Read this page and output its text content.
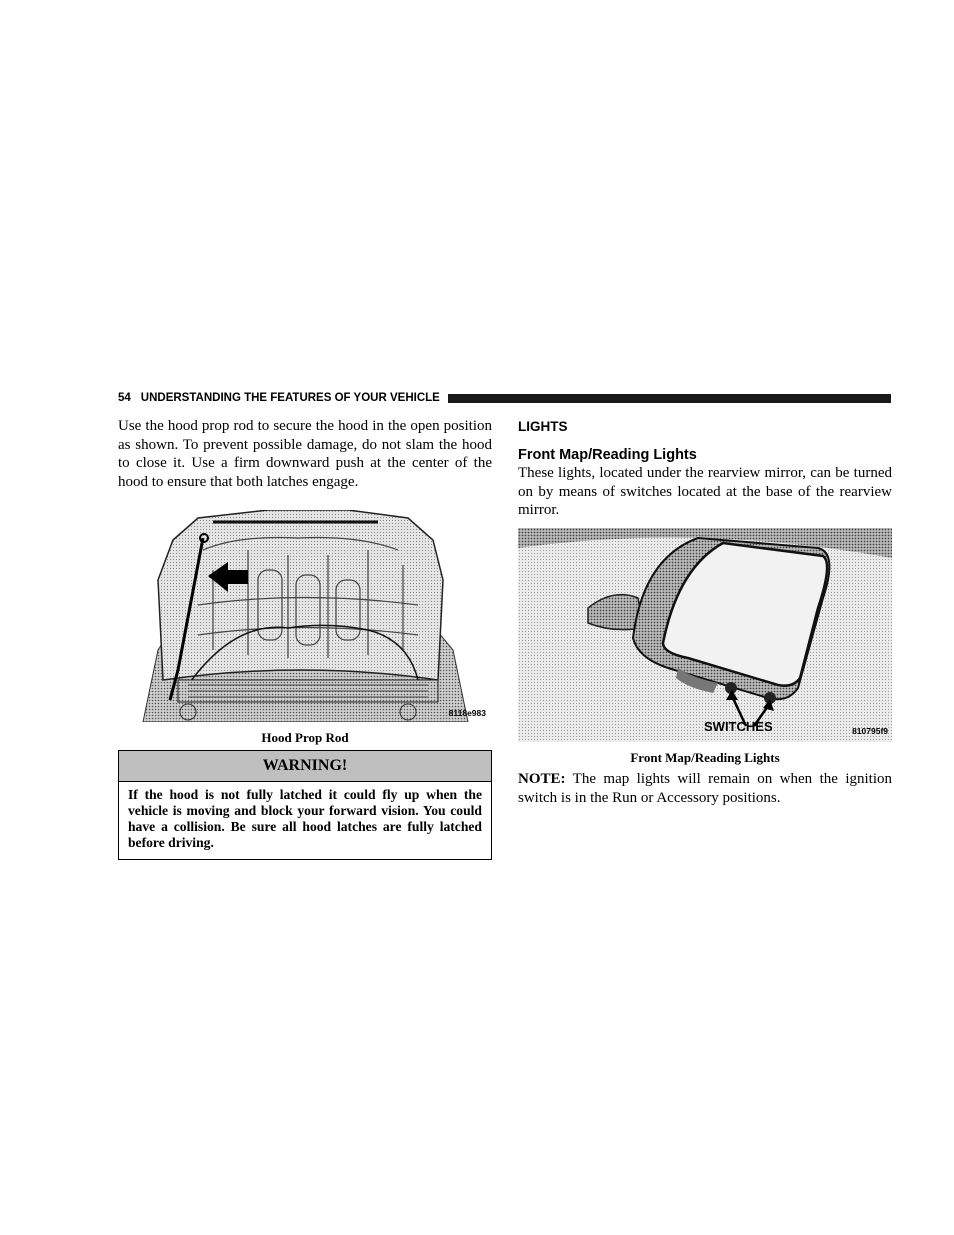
54 UNDERSTANDING THE FEATURES OF YOUR VEHICLE

Use the hood prop rod to secure the hood in the open position as shown. To prevent possible damage, do not slam the hood to close it. Use a firm downward push at the center of the hood to ensure that both latches engage.

8118e983
Hood Prop Rod
WARNING!
If the hood is not fully latched it could fly up when the vehicle is moving and block your forward vision. You could have a collision. Be sure all hood latches are fully latched before driving.
LIGHTS
Front Map/Reading Lights

These lights, located under the rearview mirror, can be turned on by means of switches located at the base of the rearview mirror.

SWITCHES	810795f9
Front Map/Reading Lights

NOTE: The map lights will remain on when the ignition switch is in the Run or Accessory positions.
